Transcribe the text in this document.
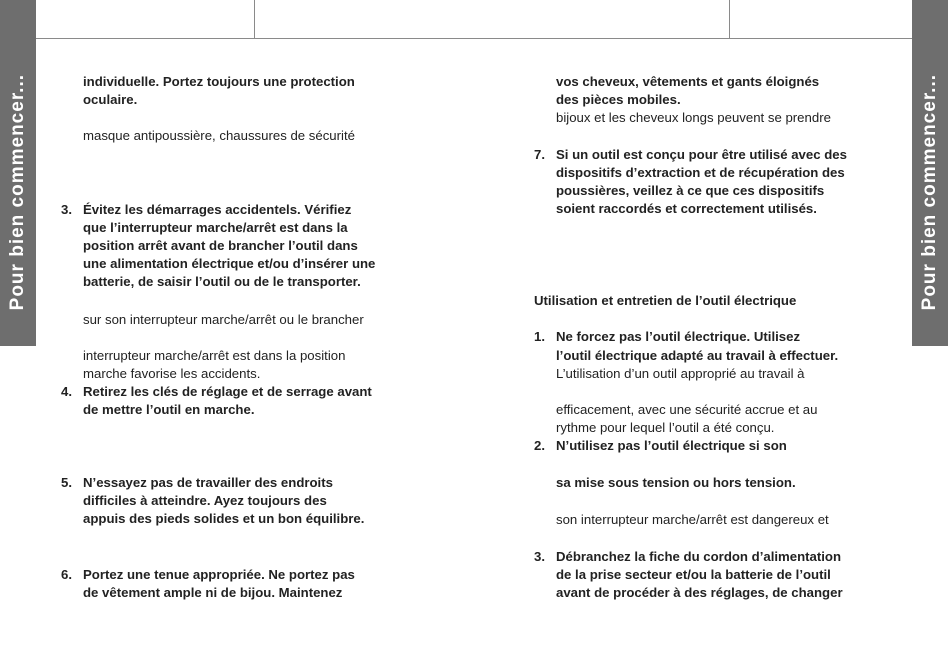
Pour bien commencer...	Pour bien commencer...
individuelle. Portez toujours une protection
oculaire.
masque antipoussière, chaussures de sécurité
3. Évitez les démarrages accidentels. Vérifiez
que l’interrupteur marche/arrêt est dans la
position arrêt avant de brancher l’outil dans
une alimentation électrique et/ou d’insérer une
batterie, de saisir l’outil ou de le transporter.
sur son interrupteur marche/arrêt ou le brancher
interrupteur marche/arrêt est dans la position
marche favorise les accidents.
4. Retirez les clés de réglage et de serrage avant
de mettre l’outil en marche.
5. N’essayez pas de travailler des endroits
difficiles à atteindre. Ayez toujours des
appuis des pieds solides et un bon équilibre.
6. Portez une tenue appropriée. Ne portez pas
de vêtement ample ni de bijou. Maintenez
vos cheveux, vêtements et gants éloignés
des pièces mobiles.
bijoux et les cheveux longs peuvent se prendre
7. Si un outil est conçu pour être utilisé avec des
dispositifs d’extraction et de récupération des
poussières, veillez à ce que ces dispositifs
soient raccordés et correctement utilisés.
Utilisation et entretien de l’outil électrique
1. Ne forcez pas l’outil électrique. Utilisez
l’outil électrique adapté au travail à effectuer.
L’utilisation d’un outil approprié au travail à
efficacement, avec une sécurité accrue et au
rythme pour lequel l’outil a été conçu.
2. N’utilisez pas l’outil électrique si son
sa mise sous tension ou hors tension.
son interrupteur marche/arrêt est dangereux et
3. Débranchez la fiche du cordon d’alimentation
de la prise secteur et/ou la batterie de l’outil
avant de procéder à des réglages, de changer
